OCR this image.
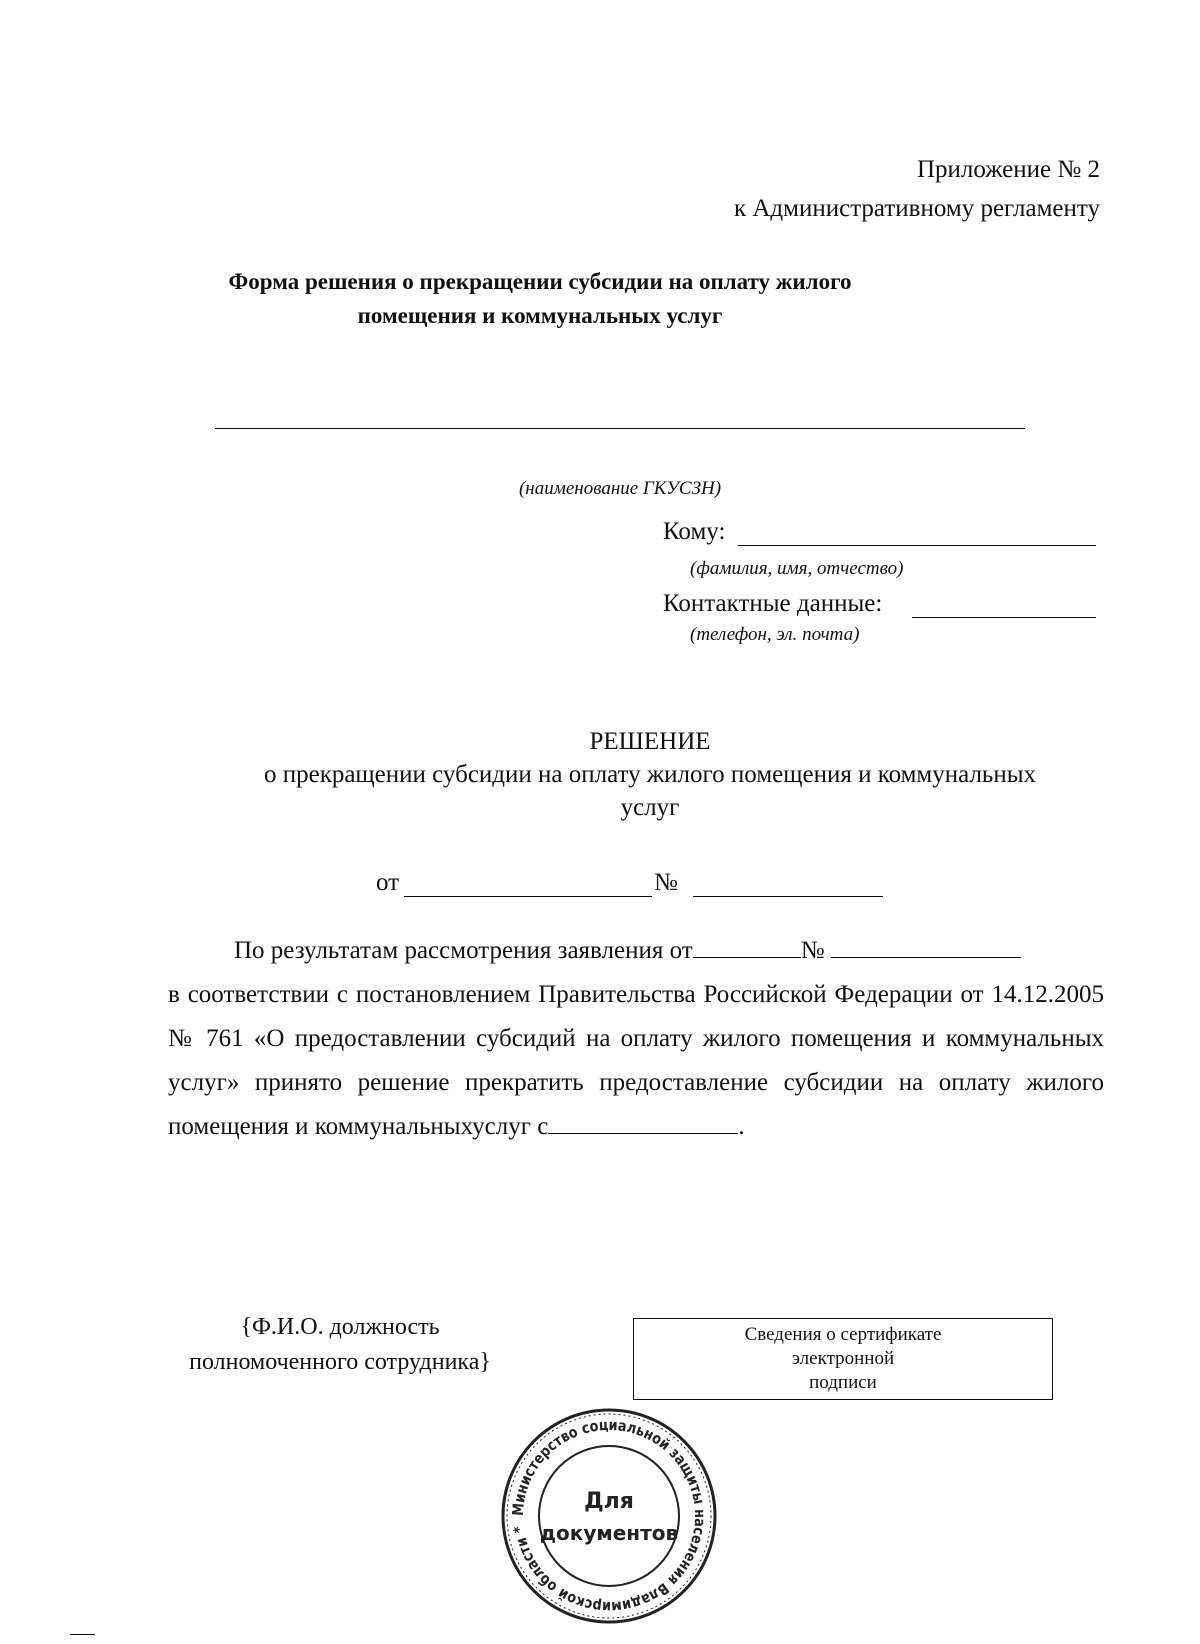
Приложение № 2
к Административному регламенту
Форма решения о прекращении субсидии на оплату жилого
помещения и коммунальных услуг
(наименование ГКУСЗН)
Кому:
(фамилия, имя, отчество)
Контактные данные:
(телефон, эл. почта)
РЕШЕНИЕ
о прекращении субсидии на оплату жилого помещения и коммунальных
услуг
от	№
По результатам рассмотрения заявления от	№
в соответствии с постановлением Правительства Российской Федерации от 14.12.2005 № 761 «О предоставлении субсидий на оплату жилого помещения и коммунальных услуг» принято решение прекратить предоставление субсидии на оплату жилого помещения и коммунальныхуслуг с	.
{Ф.И.О. должность
полномоченного сотрудника}
Сведения о сертификате
электронной
подписи
Министерство социальной защиты населения Владимирской области *
Для
документов
